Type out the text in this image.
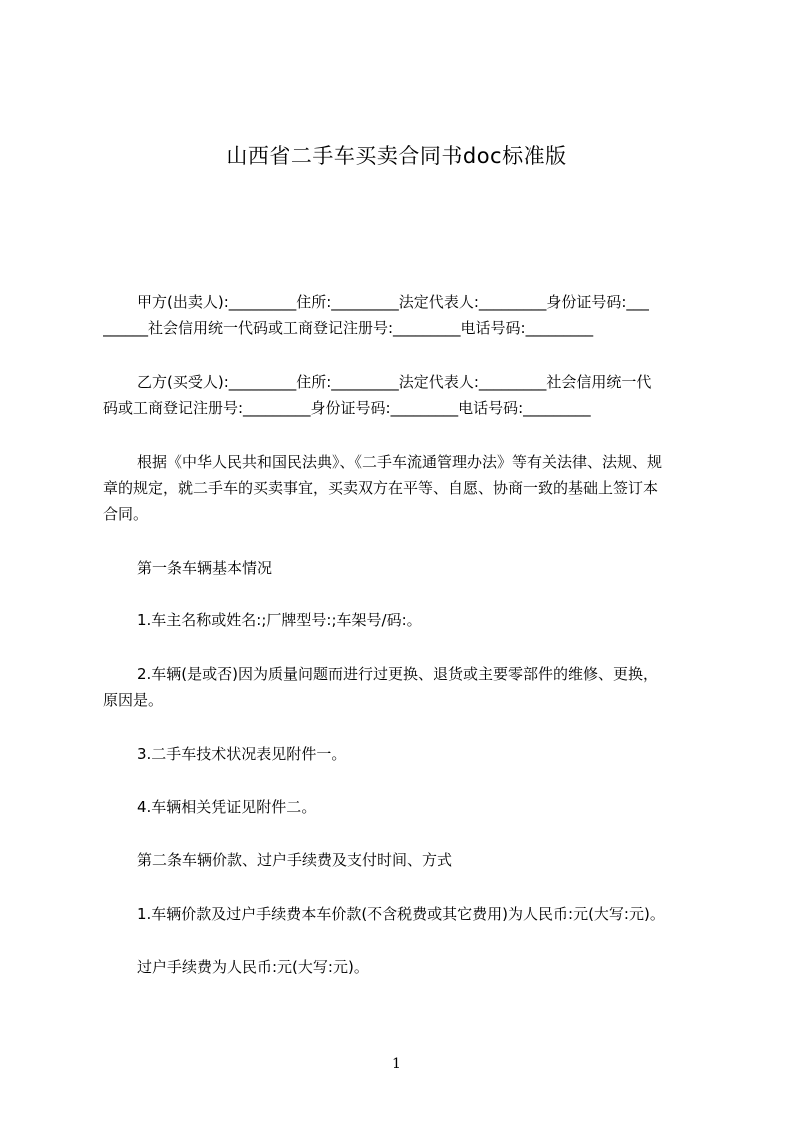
山西省二手车买卖合同书doc标准版
甲方(出卖人):_________住所:_________法定代表人:_________身份证号码:___
______社会信用统一代码或工商登记注册号:_________电话号码:_________
乙方(买受人):_________住所:_________法定代表人:_________社会信用统一代
码或工商登记注册号:_________身份证号码:_________电话号码:_________
根据《中华人民共和国民法典》、《二手车流通管理办法》等有关法律、法规、规
章的规定，就二手车的买卖事宜，买卖双方在平等、自愿、协商一致的基础上签订本
合同。
第一条车辆基本情况
1.车主名称或姓名:;厂牌型号:;车架号/码:。
2.车辆(是或否)因为质量问题而进行过更换、退货或主要零部件的维修、更换，
原因是。
3.二手车技术状况表见附件一。
4.车辆相关凭证见附件二。
第二条车辆价款、过户手续费及支付时间、方式
1.车辆价款及过户手续费本车价款(不含税费或其它费用)为人民币:元(大写:元)。
过户手续费为人民币:元(大写:元)。
1
